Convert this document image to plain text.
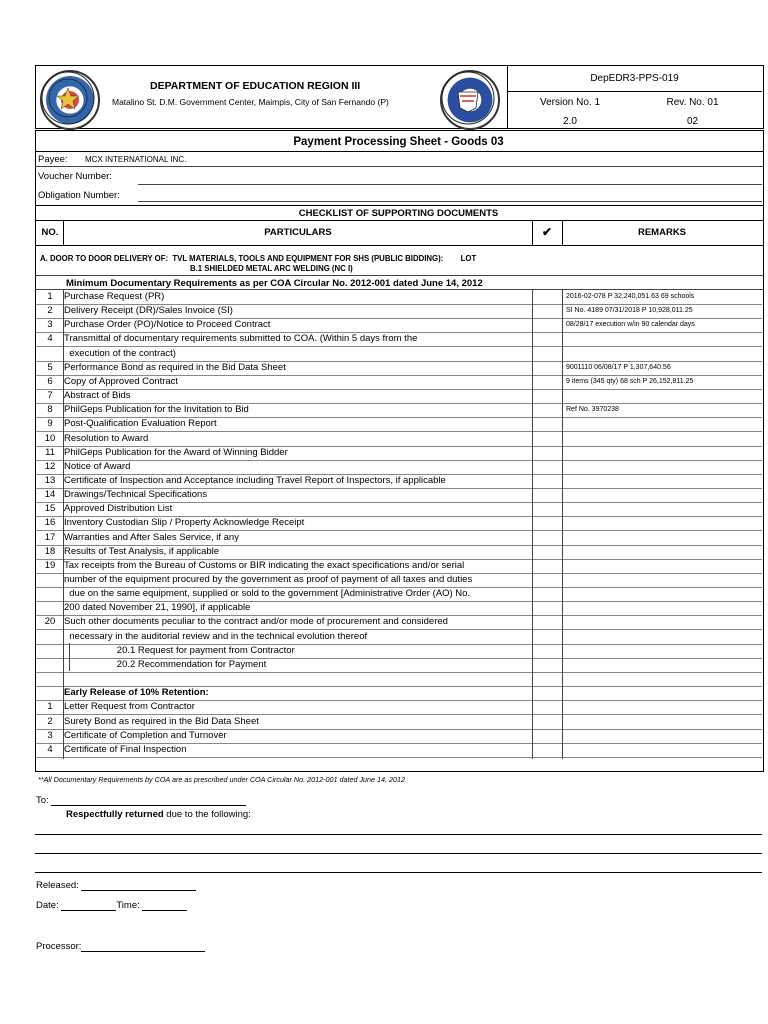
DEPARTMENT OF EDUCATION REGION III
Matalino St. D.M. Government Center, Maimpis, City of San Fernando (P)
DepEDR3-PPS-019
Version No. 1	Rev. No. 01
2.0	02
Payment Processing Sheet - Goods 03
Payee: MCX INTERNATIONAL INC.
Voucher Number:
Obligation Number:
CHECKLIST OF SUPPORTING DOCUMENTS
NO.	PARTICULARS	✔	REMARKS
A. DOOR TO DOOR DELIVERY OF:  TVL MATERIALS, TOOLS AND EQUIPMENT FOR SHS (PUBLIC BIDDING):        LOT
B.1 SHIELDED METAL ARC WELDING (NC I)
Minimum Documentary Requirements as per COA Circular No. 2012-001 dated June 14, 2012
1	Purchase Request (PR)	2016-02-078 P 32,240,051.63 69 schools
2	Delivery Receipt (DR)/Sales Invoice (SI)	SI No. 4189 07/31/2018 P 10,928,011.25
3	Purchase Order (PO)/Notice to Proceed Contract	08/28/17 execution w/in 90 calendar days
4	Transmittal of documentary requirements submitted to COA. (Within 5 days from the
execution of the contract)
5	Performance Bond as required in the Bid Data Sheet	9001110 06/08/17 P 1,307,640.56
6	Copy of Approved Contract	9 items (345 qty) 68 sch P 26,152,811.25
7	Abstract of Bids
8	PhilGeps Publication for the Invitation to Bid	Ref No. 3970238
9	Post-Qualification Evaluation Report
10 Resolution to Award
11 PhilGeps Publication for the Award of Winning Bidder
12 Notice of Award
13 Certificate of Inspection and Acceptance including Travel Report of Inspectors, if applicable
14 Drawings/Technical Specifications
15 Approved Distribution List
16 Inventory Custodian Slip / Property Acknowledge Receipt
17 Warranties and After Sales Service, if any
18 Results of Test Analysis, if applicable
19 Tax receipts from the Bureau of Customs or BIR indicating the exact specifications and/or serial
number of the equipment procured by the government as proof of payment of all taxes and duties
due on the same equipment, supplied or sold to the government [Administrative Order (AO) No.
200 dated November 21, 1990], if applicable
20 Such other documents peculiar to the contract and/or mode of procurement and considered
necessary in the auditorial review and in the technical evolution thereof
20.1 Request for payment from Contractor
20.2 Recommendation for Payment
Early Release of 10% Retention:
1	Letter Request from Contractor
2	Surety Bond as required in the Bid Data Sheet
3	Certificate of Completion and Turnover
4	Certificate of Final Inspection
**All Documentary Requirements by COA are as prescribed under COA Circular No. 2012-001 dated June 14, 2012
To:
Respectfully returned due to the following:
Released:
Date:	Time:
Processor:
